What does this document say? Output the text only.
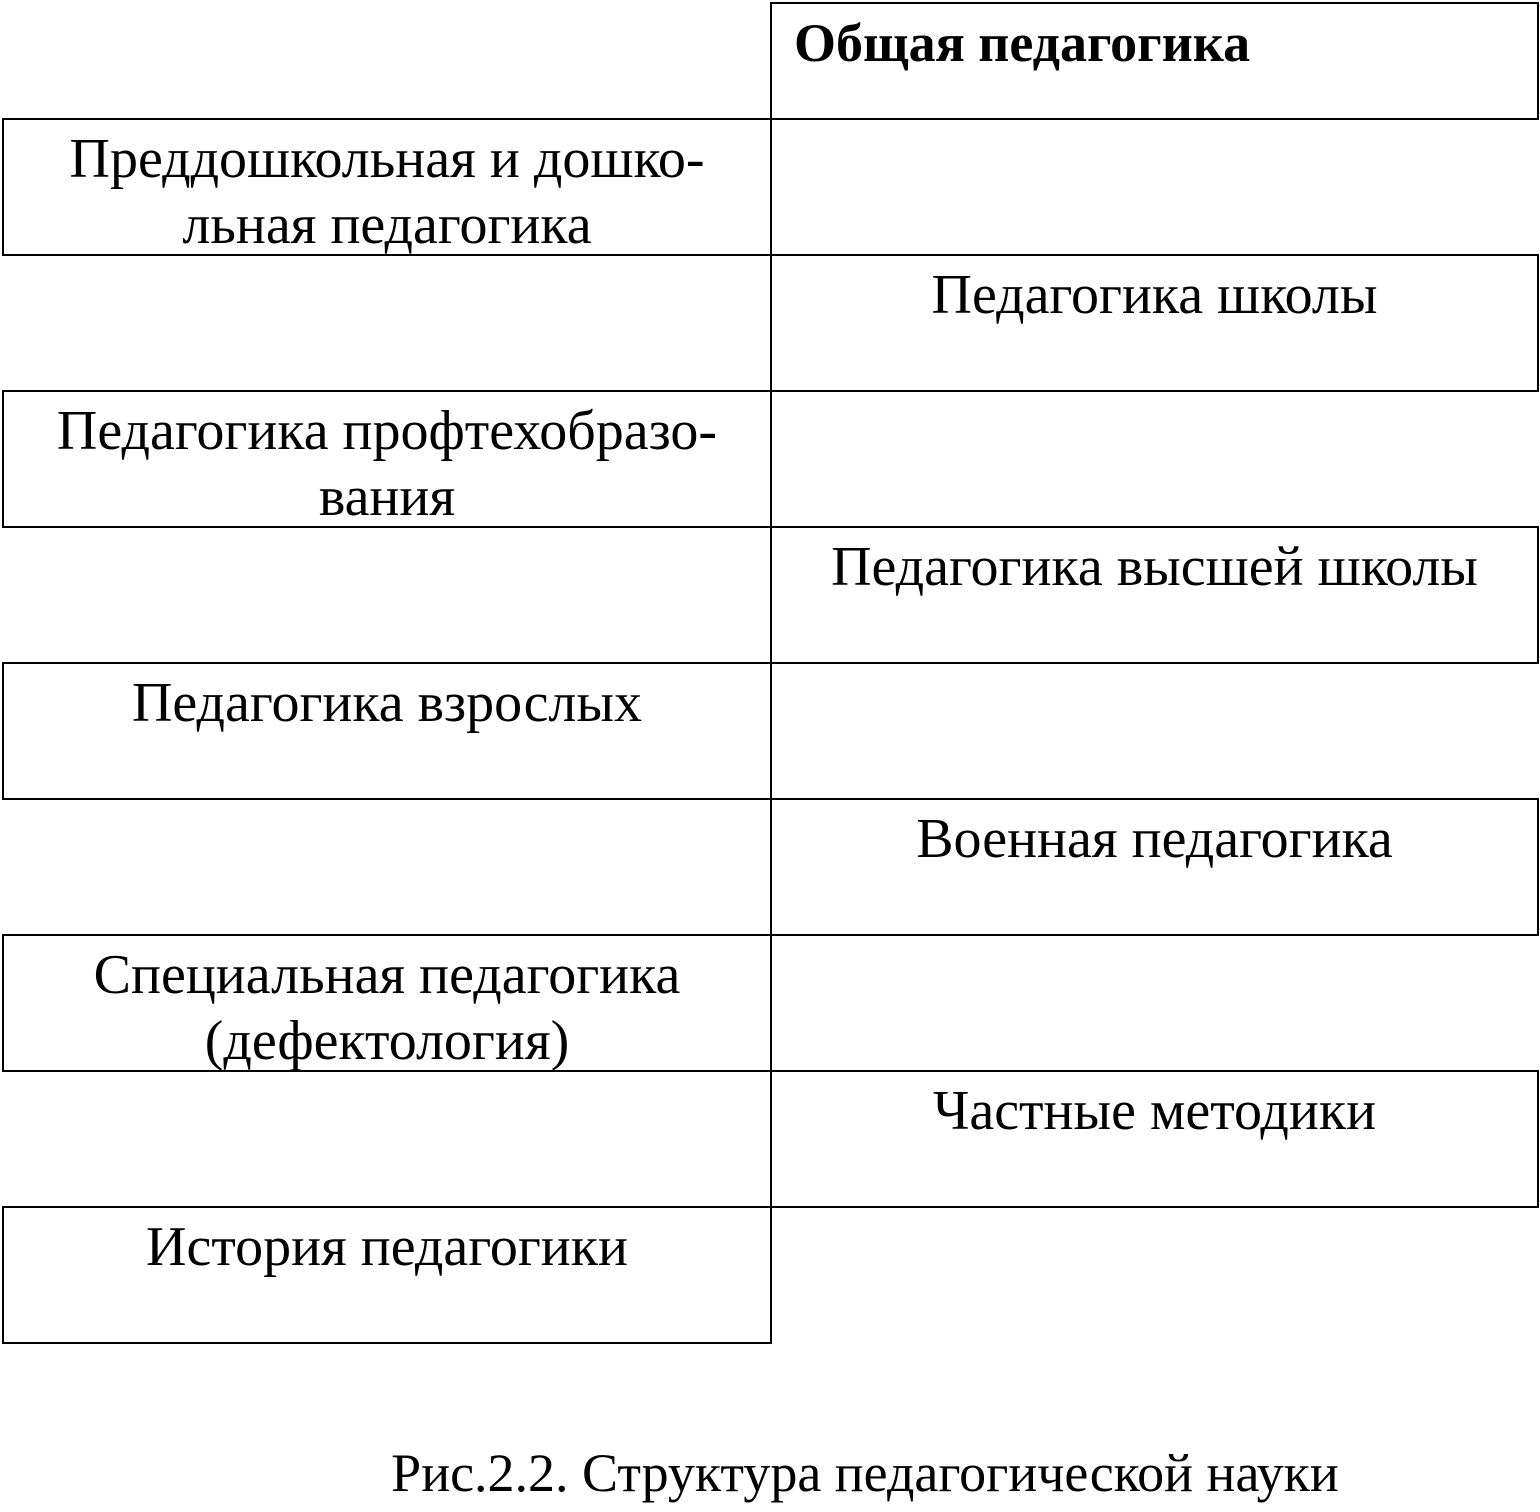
Общая педагогика
Преддошкольная и дошко-
льная педагогика
Педагогика школы
Педагогика профтехобразо-
вания
Педагогика высшей школы
Педагогика взрослых
Военная педагогика
Специальная педагогика
(дефектология)
Частные методики
История педагогики
Рис.2.2. Структура педагогической науки
